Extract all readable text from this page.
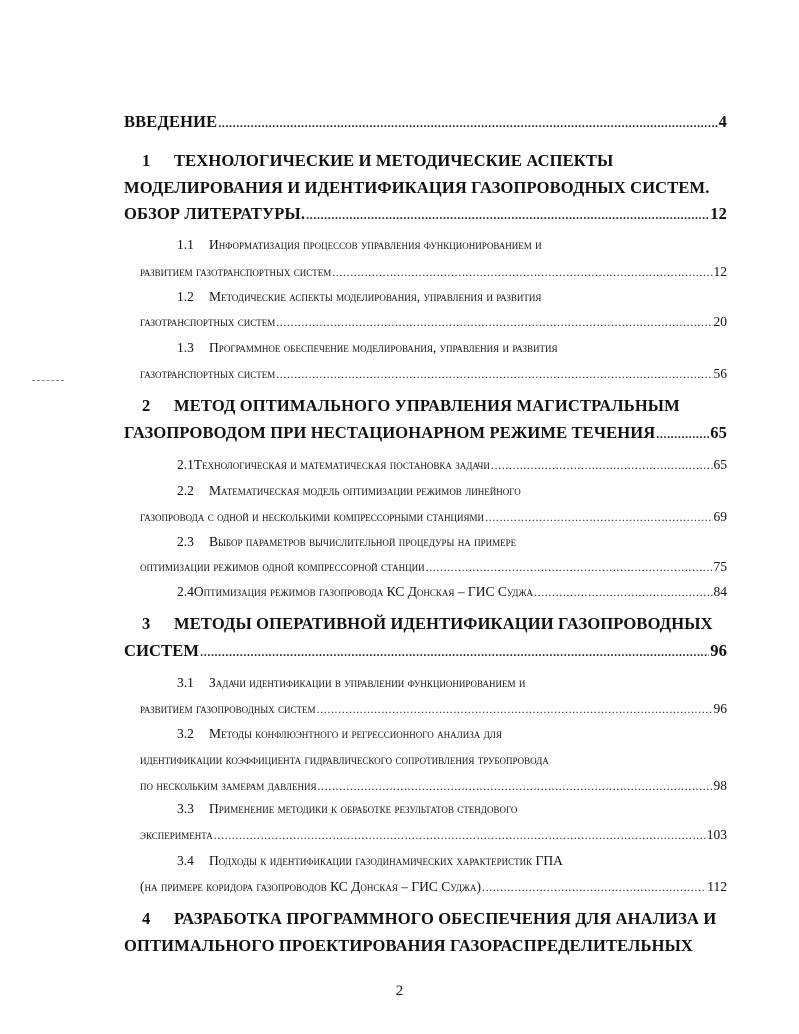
ВВЕДЕНИЕ .....	4
1	ТЕХНОЛОГИЧЕСКИЕ И МЕТОДИЧЕСКИЕ АСПЕКТЫ
МОДЕЛИРОВАНИЯ И ИДЕНТИФИКАЦИЯ ГАЗОПРОВОДНЫХ СИСТЕМ.
ОБЗОР ЛИТЕРАТУРЫ. .....	12
1.1	Информатизация процессов управления функционированием и
развитием газотранспортных систем .....	12
1.2	Методические аспекты моделирования, управления и развития
газотранспортных систем .....	20
1.3	Программное обеспечение моделирования, управления и развития
газотранспортных систем .....	56
2	МЕТОД ОПТИМАЛЬНОГО УПРАВЛЕНИЯ МАГИСТРАЛЬНЫМ
ГАЗОПРОВОДОМ ПРИ НЕСТАЦИОНАРНОМ РЕЖИМЕ ТЕЧЕНИЯ .....	65
2.1 Технологическая и математическая постановка задачи .....	65
2.2	Математическая модель оптимизации режимов линейного
газопровода с одной и несколькими компрессорными станциями .....	69
2.3	Выбор параметров вычислительной процедуры на примере
оптимизации режимов одной компрессорной станции .....	75
2.4 Оптимизация режимов газопровода КС Донская – ГИС Суджа .....	84
3	МЕТОДЫ ОПЕРАТИВНОЙ ИДЕНТИФИКАЦИИ ГАЗОПРОВОДНЫХ
СИСТЕМ .....	96
3.1	Задачи идентификации в управлении функционированием и
развитием газопроводных систем .....	96
3.2	Методы конфлюэнтного и регрессионного анализа для
идентификации коэффициента гидравлического сопротивления трубопровода
по нескольким замерам давления .....	98
3.3	Применение методики к обработке результатов стендового
эксперимента .....	103
3.4	Подходы к идентификации газодинамических характеристик ГПА
(на примере коридора газопроводов КС Донская – ГИС Суджа) .....	112
4	РАЗРАБОТКА ПРОГРАММНОГО ОБЕСПЕЧЕНИЯ ДЛЯ АНАЛИЗА И
ОПТИМАЛЬНОГО ПРОЕКТИРОВАНИЯ ГАЗОРАСПРЕДЕЛИТЕЛЬНЫХ
2
